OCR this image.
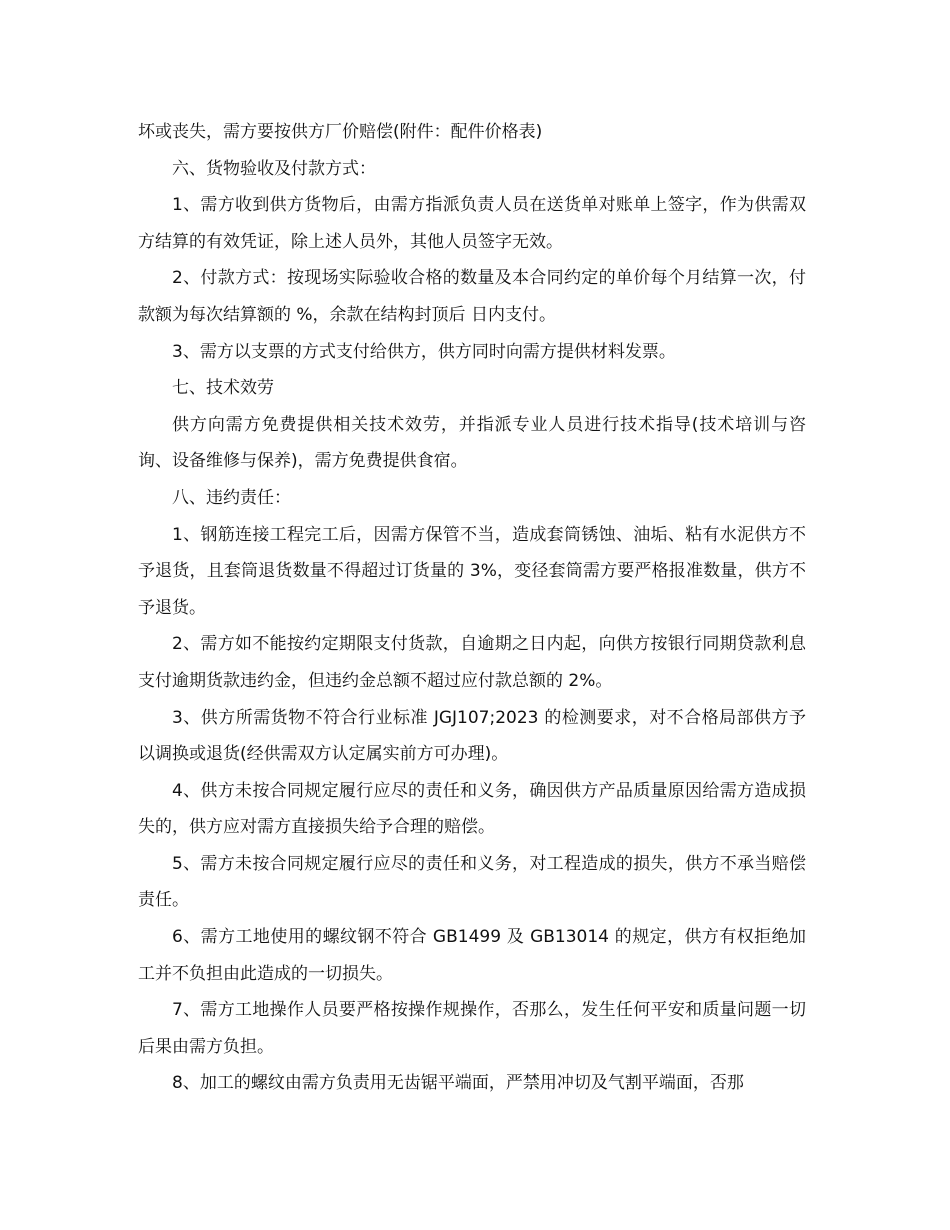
坏或丧失，需方要按供方厂价赔偿(附件：配件价格表)

六、货物验收及付款方式：

1、需方收到供方货物后，由需方指派负责人员在送货单对账单上签字，作为供需双方结算的有效凭证，除上述人员外，其他人员签字无效。

2、付款方式：按现场实际验收合格的数量及本合同约定的单价每个月结算一次，付款额为每次结算额的 %，余款在结构封顶后 日内支付。

3、需方以支票的方式支付给供方，供方同时向需方提供材料发票。

七、技术效劳

供方向需方免费提供相关技术效劳，并指派专业人员进行技术指导(技术培训与咨询、设备维修与保养)，需方免费提供食宿。

八、违约责任：

1、钢筋连接工程完工后，因需方保管不当，造成套筒锈蚀、油垢、粘有水泥供方不予退货，且套筒退货数量不得超过订货量的 3%，变径套筒需方要严格报准数量，供方不予退货。

2、需方如不能按约定期限支付货款，自逾期之日内起，向供方按银行同期贷款利息支付逾期货款违约金，但违约金总额不超过应付款总额的 2%。

3、供方所需货物不符合行业标准 JGJ107;2023 的检测要求，对不合格局部供方予以调换或退货(经供需双方认定属实前方可办理)。

4、供方未按合同规定履行应尽的责任和义务，确因供方产品质量原因给需方造成损失的，供方应对需方直接损失给予合理的赔偿。

5、需方未按合同规定履行应尽的责任和义务，对工程造成的损失，供方不承当赔偿责任。

6、需方工地使用的螺纹钢不符合 GB1499 及 GB13014 的规定，供方有权拒绝加工并不负担由此造成的一切损失。

7、需方工地操作人员要严格按操作规操作，否那么，发生任何平安和质量问题一切后果由需方负担。

8、加工的螺纹由需方负责用无齿锯平端面，严禁用冲切及气割平端面，否那
